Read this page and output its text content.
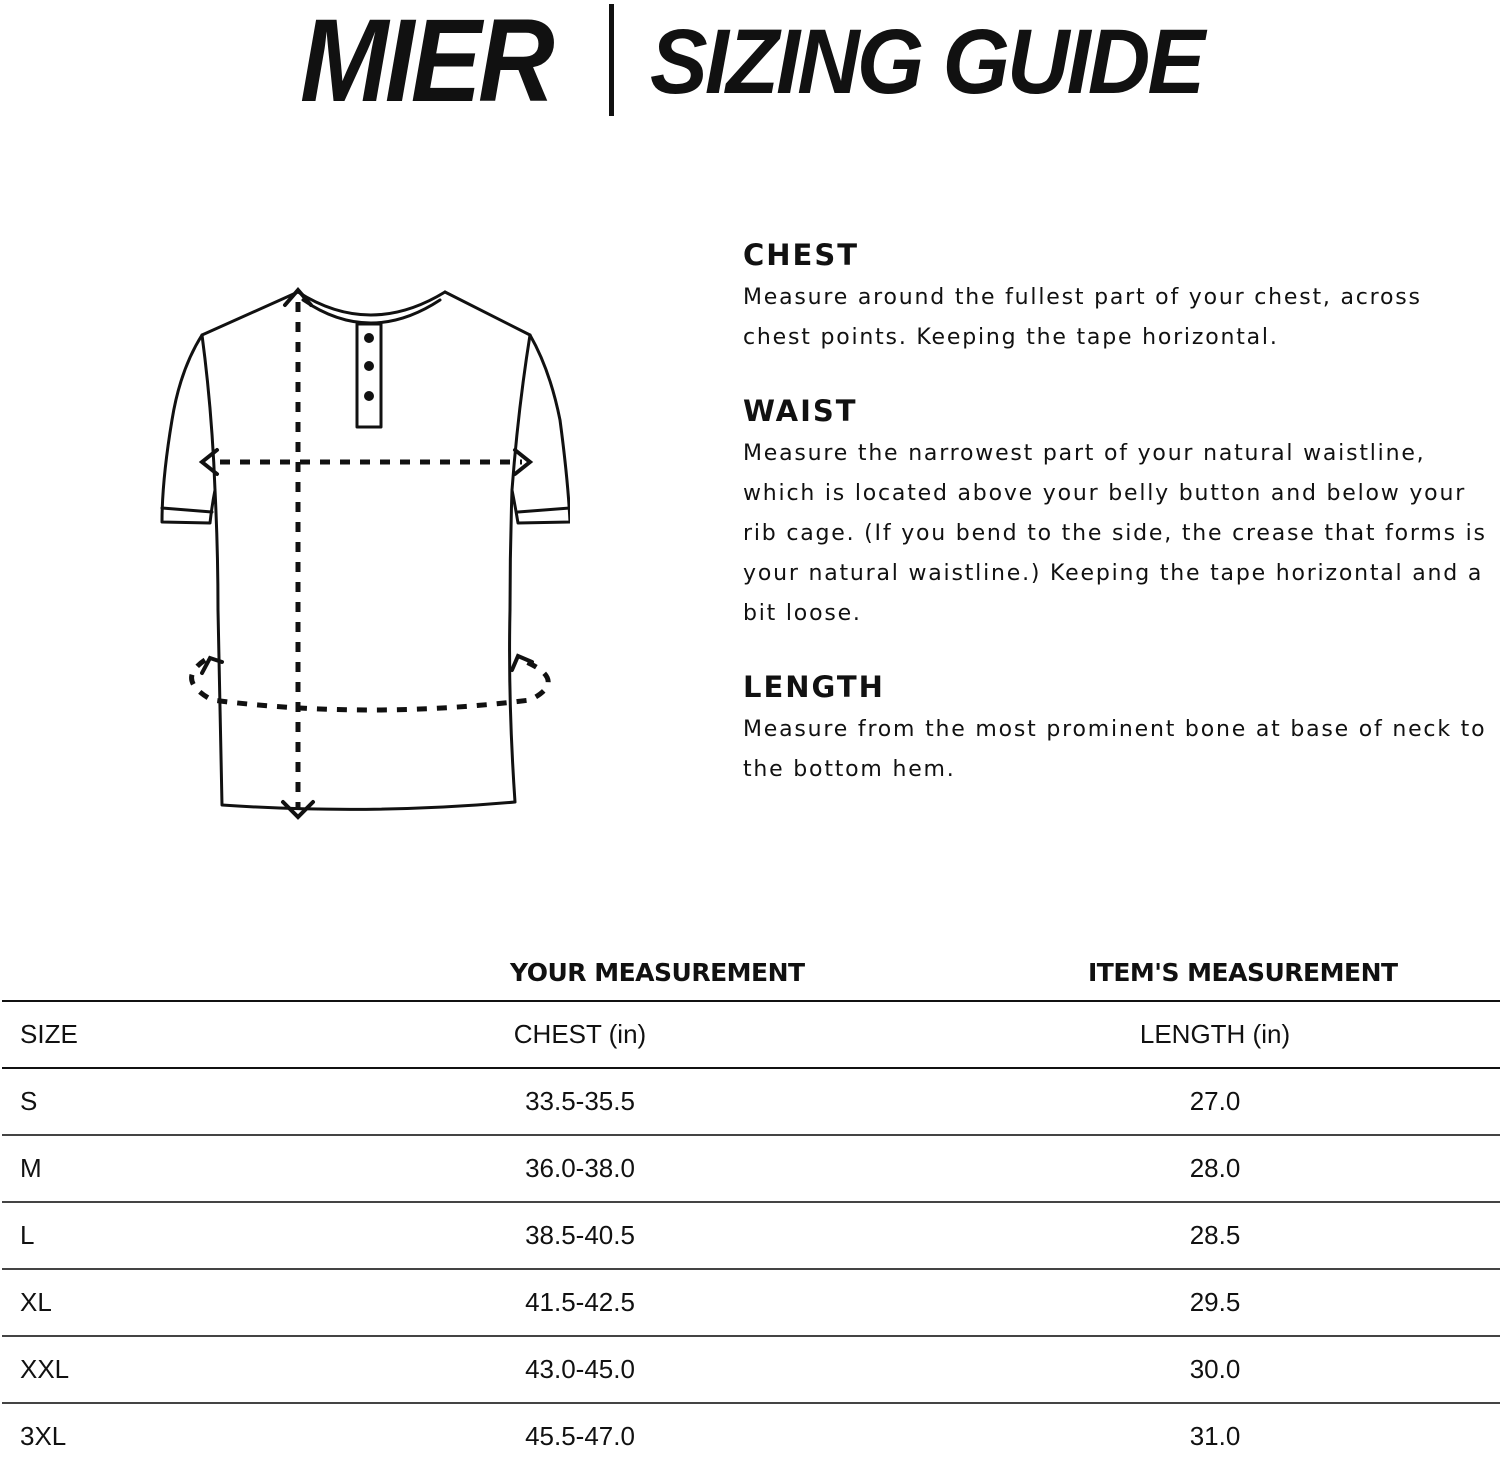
MIER SIZING GUIDE
CHEST

Measure around the fullest part of your chest, across chest points. Keeping the tape horizontal.

WAIST

Measure the narrowest part of your natural waistline, which is located above your belly button and below your rib cage. (If you bend to the side, the crease that forms is your natural waistline.) Keeping the tape horizontal and a bit loose.

LENGTH

Measure from the most prominent bone at base of neck to the bottom hem.

YOUR MEASUREMENT	ITEM'S MEASUREMENT
SIZE	CHEST (in)	LENGTH (in)
S	33.5-35.5	27.0
M	36.0-38.0	28.0
L	38.5-40.5	28.5
XL	41.5-42.5	29.5
XXL	43.0-45.0	30.0
3XL	45.5-47.0	31.0
